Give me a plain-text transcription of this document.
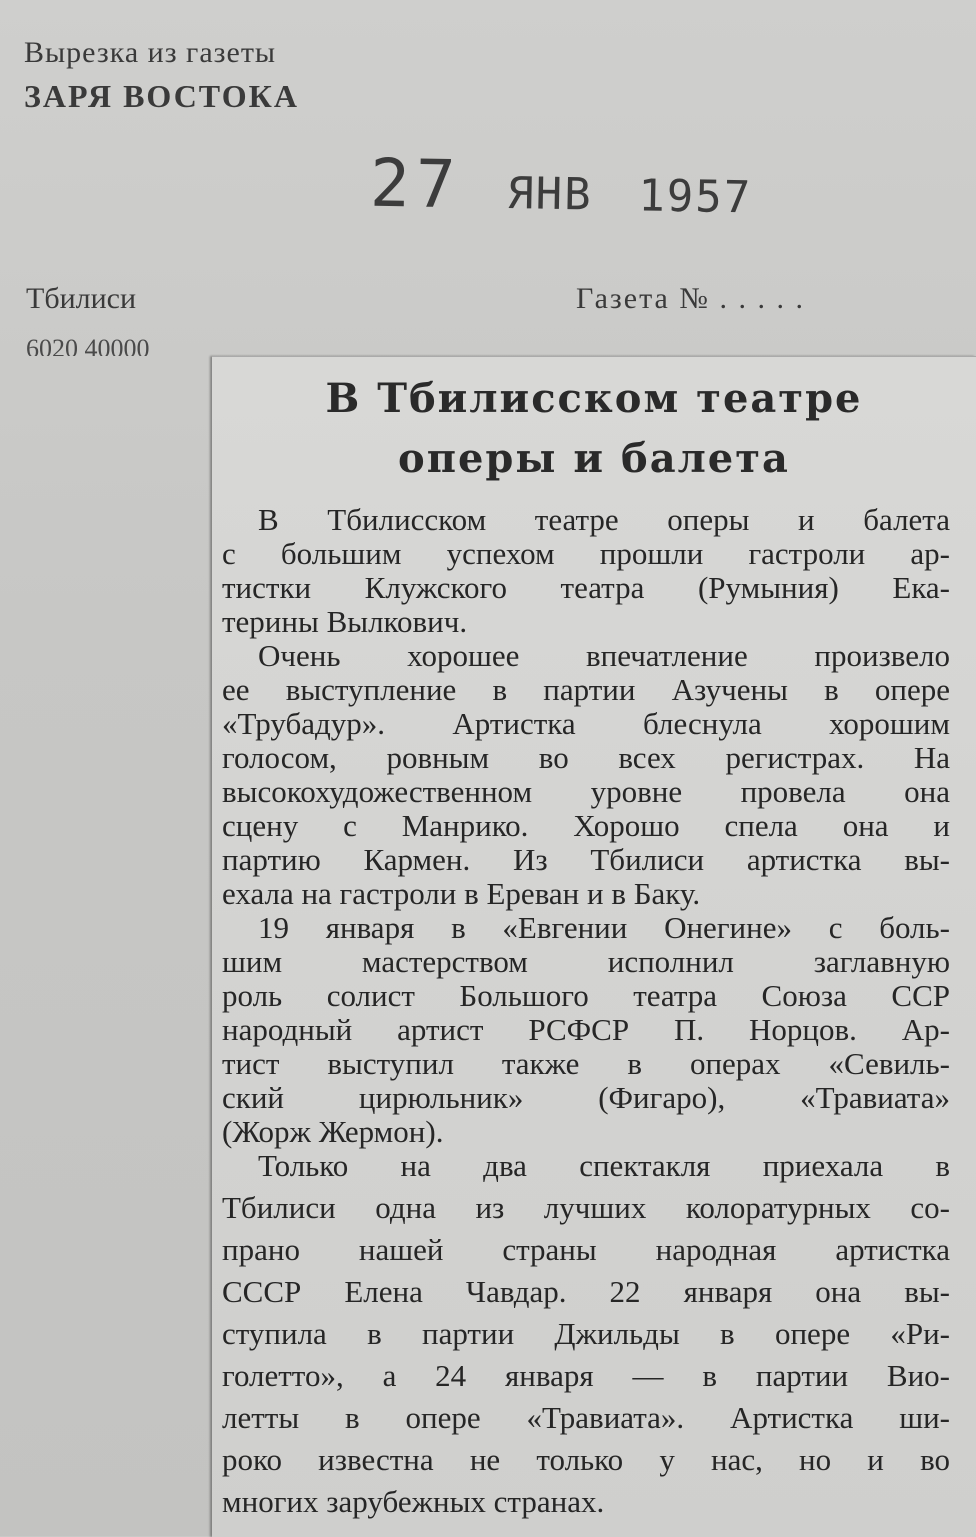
Вырезка из газеты
ЗАРЯ ВОСТОКА
27 ЯНВ 1957
Тбилиси	Газета № . . . . .
6020 40000
В Тбилисском театре
оперы и балета
В Тбилисском театре оперы и балета
с большим успехом прошли гастроли ар-
тистки Клужского театра (Румыния) Ека-
терины Вылкович.
Очень хорошее впечатление произвело
ее выступление в партии Азучены в опере
«Трубадур». Артистка блеснула хорошим
голосом, ровным во всех регистрах. На
высокохудожественном уровне провела она
сцену с Манрико. Хорошо спела она и
партию Кармен. Из Тбилиси артистка вы-
ехала на гастроли в Ереван и в Баку.
19 января в «Евгении Онегине» с боль-
шим мастерством исполнил заглавную
роль солист Большого театра Союза ССР
народный артист РСФСР П. Норцов. Ар-
тист выступил также в операх «Севиль-
ский цирюльник» (Фигаро), «Травиата»
(Жорж Жермон).
Только на два спектакля приехала в
Тбилиси одна из лучших колоратурных со-
прано нашей страны народная артистка
СССР Елена Чавдар. 22 января она вы-
ступила в партии Джильды в опере «Ри-
голетто», а 24 января — в партии Вио-
летты в опере «Травиата». Артистка ши-
роко известна не только у нас, но и во
многих зарубежных странах.
